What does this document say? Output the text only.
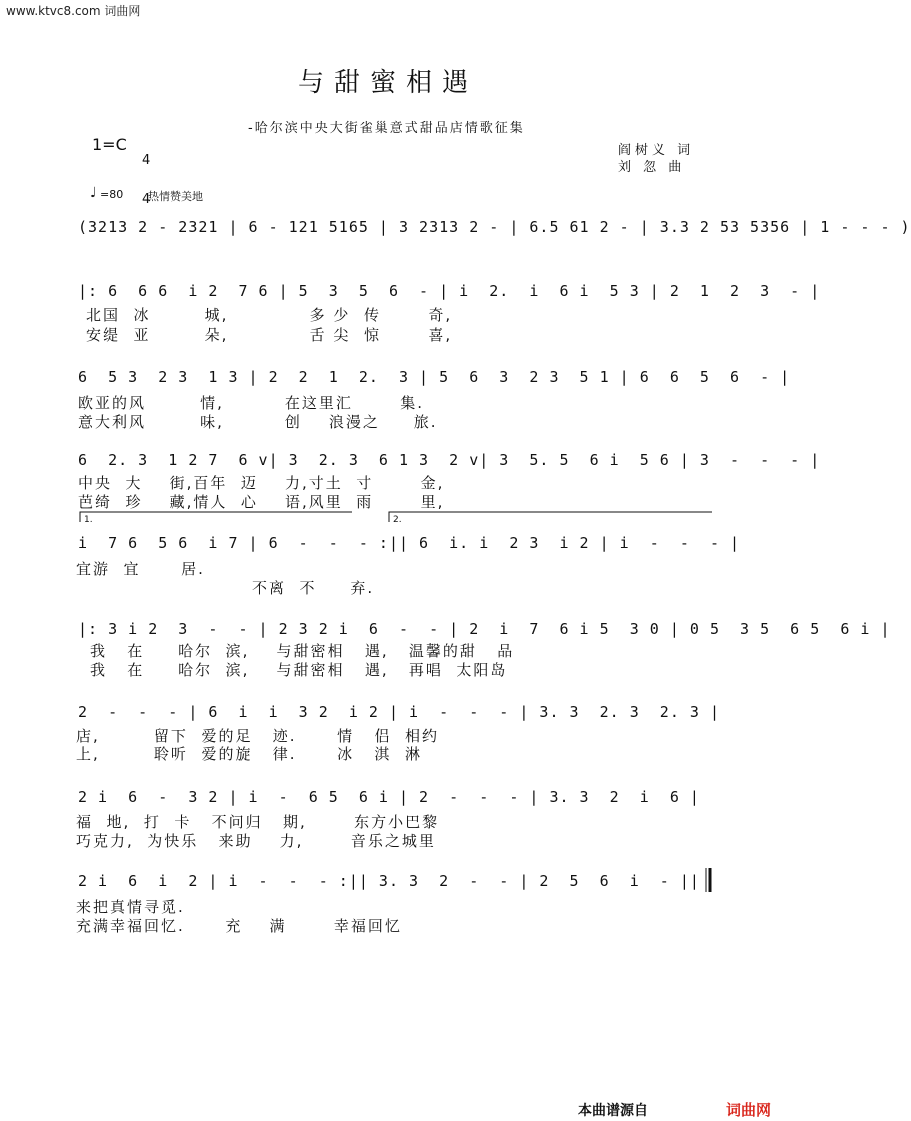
www.ktvc8.com 词曲网
与甜蜜相遇
-哈尔滨中央大街雀巢意式甜品店情歌征集
1=C

4

4

阎树义 词
刘 忽 曲
♩ =80 热情赞美地
(3213 2 - 2321 | 6 - 121 5165 | 3 2313 2 - | 6.5 61 2 - | 3.3 2 53 5356 | 1 - - - )
|: 6  6 6  i 2  7 6 | 5  3  5  6  - | i  2.  i  6 i  5 3 | 2  1  2  3  - |
北国  冰        城,            多 少  传       奇,
安缇  亚        朵,            舌 尖  惊       喜,
6  5 3  2 3  1 3 | 2  2  1  2.  3 | 5  6  3  2 3  5 1 | 6  6  5  6  - |
欧亚的风        情,         在这里汇       集.
意大利风        味,         创    浪漫之     旅.
6  2. 3  1 2 7  6 v| 3  2. 3  6 1 3  2 v| 3  5. 5  6 i  5 6 | 3  -  -  - |
中央  大    街,百年  迈    力,寸土  寸       金,
芭绮  珍    藏,情人  心    语,风里  雨       里,
1.	2.
i  7 6  5 6  i 7 | 6  -  -  - :|| 6  i. i  2 3  i 2 | i  -  -  - |
宜游  宜      居.
不离  不     弃.
|: 3 i 2  3  -  - | 2 3 2 i  6  -  - | 2  i  7  6 i 5  3 0 | 0 5  3 5  6 5  6 i |
我   在     哈尔  滨,    与甜密相   遇,   温馨的甜   品
我   在     哈尔  滨,    与甜密相   遇,   再唱  太阳岛
2  -  -  - | 6  i  i  3 2  i 2 | i  -  -  - | 3. 3  2. 3  2. 3 |
店,        留下  爱的足   迹.      情   侣  相约
上,        聆听  爱的旋   律.      冰   淇  淋
2 i  6  -  3 2 | i  -  6 5  6 i | 2  -  -  - | 3. 3  2  i  6 |
福  地,  打  卡   不问归   期,       东方小巴黎
巧克力,  为快乐   来助    力,       音乐之城里
2 i  6  i  2 | i  -  -  - :|| 3. 3  2  -  - | 2  5  6  i  - ||
来把真情寻觅.
充满幸福回忆.      充    满       幸福回忆
本曲谱源自	词曲网
